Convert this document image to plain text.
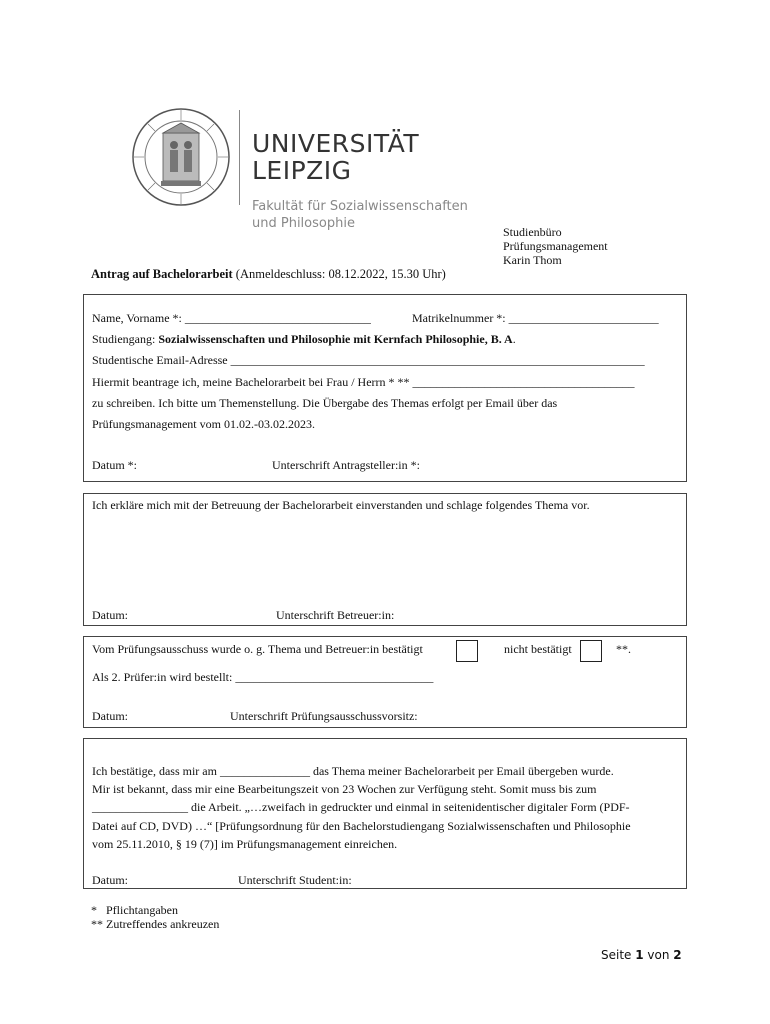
UNIVERSITÄT
LEIPZIG
Fakultät für Sozialwissenschaften
und Philosophie
Studienbüro
Prüfungsmanagement
Karin Thom
Antrag auf Bachelorarbeit (Anmeldeschluss: 08.12.2022, 15.30 Uhr)
Name, Vorname *: _______________________________	Matrikelnummer *: _________________________
Studiengang: Sozialwissenschaften und Philosophie mit Kernfach Philosophie, B. A.
Studentische Email-Adresse _____________________________________________________________________
Hiermit beantrage ich, meine Bachelorarbeit bei Frau / Herrn * ** _____________________________________
zu schreiben. Ich bitte um Themenstellung. Die Übergabe des Themas erfolgt per Email über das
Prüfungsmanagement vom 01.02.-03.02.2023.
Datum *:	Unterschrift Antragsteller:in *:
Ich erkläre mich mit der Betreuung der Bachelorarbeit einverstanden und schlage folgendes Thema vor.
Datum:	Unterschrift Betreuer:in:
Vom Prüfungsausschuss wurde o. g. Thema und Betreuer:in bestätigt	nicht bestätigt	**.
Als 2. Prüfer:in wird bestellt: _________________________________
Datum:	Unterschrift Prüfungsausschussvorsitz:
Ich bestätige, dass mir am _______________ das Thema meiner Bachelorarbeit per Email übergeben wurde.
Mir ist bekannt, dass mir eine Bearbeitungszeit von 23 Wochen zur Verfügung steht. Somit muss bis zum
________________ die Arbeit. „…zweifach in gedruckter und einmal in seitenidentischer digitaler Form (PDF-
Datei auf CD, DVD) …“ [Prüfungsordnung für den Bachelorstudiengang Sozialwissenschaften und Philosophie
vom 25.11.2010, § 19 (7)] im Prüfungsmanagement einreichen.
Datum:	Unterschrift Student:in:
*   Pflichtangaben
** Zutreffendes ankreuzen
Seite 1 von 2
